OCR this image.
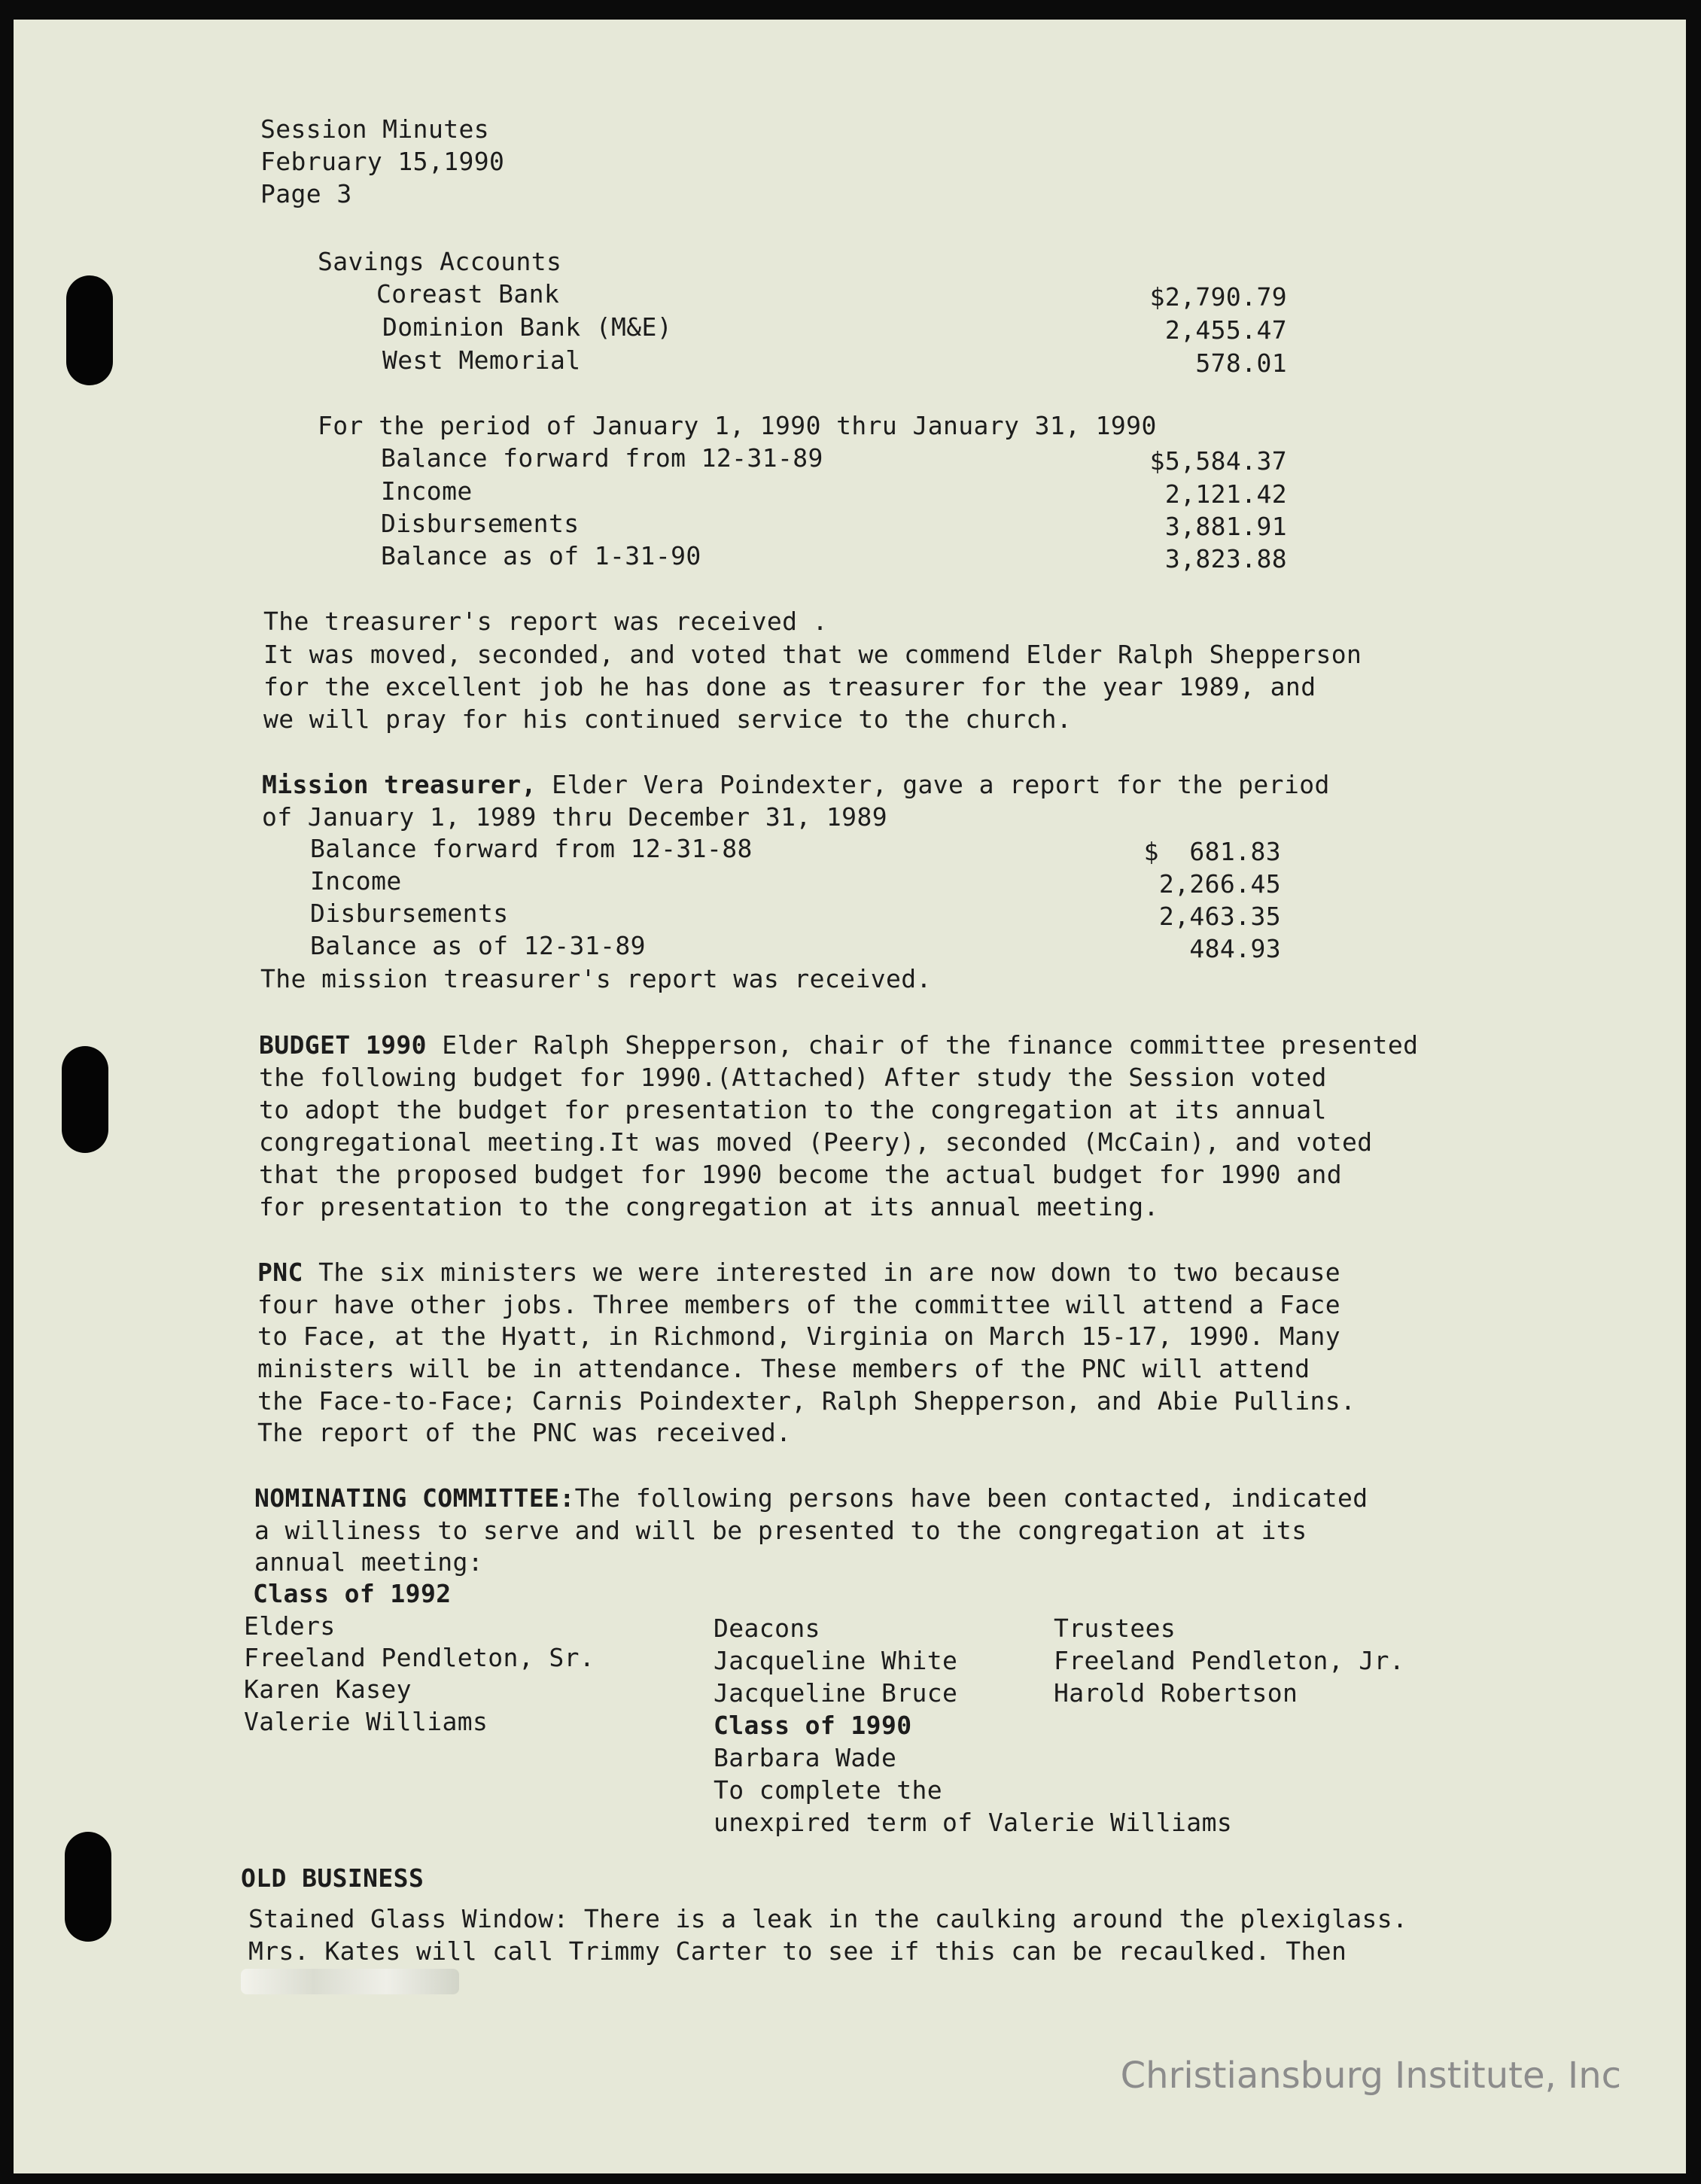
Session Minutes
February 15,1990
Page 3
Savings Accounts
Coreast Bank	$2,790.79
Dominion Bank (M&E)	2,455.47
West Memorial	578.01
For the period of January 1, 1990 thru January 31, 1990
Balance forward from 12-31-89	$5,584.37
Income	2,121.42
Disbursements	3,881.91
Balance as of 1-31-90	3,823.88
The treasurer's report was received .
It was moved, seconded, and voted that we commend Elder Ralph Shepperson
for the excellent job he has done as treasurer for the year 1989, and
we will pray for his continued service to the church.
Mission treasurer, Elder Vera Poindexter, gave a report for the period
of January 1, 1989 thru December 31, 1989
Balance forward from 12-31-88	$  681.83
Income	2,266.45
Disbursements	2,463.35
Balance as of 12-31-89	484.93
The mission treasurer's report was received.
BUDGET 1990 Elder Ralph Shepperson, chair of the finance committee presented
the following budget for 1990.(Attached) After study the Session voted
to adopt the budget for presentation to the congregation at its annual
congregational meeting.It was moved (Peery), seconded (McCain), and voted
that the proposed budget for 1990 become the actual budget for 1990 and
for presentation to the congregation at its annual meeting.
PNC The six ministers we were interested in are now down to two because
four have other jobs. Three members of the committee will attend a Face
to Face, at the Hyatt, in Richmond, Virginia on March 15-17, 1990. Many
ministers will be in attendance. These members of the PNC will attend
the Face-to-Face; Carnis Poindexter, Ralph Shepperson, and Abie Pullins.
The report of the PNC was received.
NOMINATING COMMITTEE:The following persons have been contacted, indicated
a williness to serve and will be presented to the congregation at its
annual meeting:
Class of 1992
Elders
Freeland Pendleton, Sr.
Karen Kasey
Valerie Williams
Deacons
Jacqueline White
Jacqueline Bruce
Class of 1990
Barbara Wade
To complete the
unexpired term of Valerie Williams
Trustees
Freeland Pendleton, Jr.
Harold Robertson
OLD BUSINESS
Stained Glass Window: There is a leak in the caulking around the plexiglass.
Mrs. Kates will call Trimmy Carter to see if this can be recaulked. Then
Christiansburg Institute, Inc
